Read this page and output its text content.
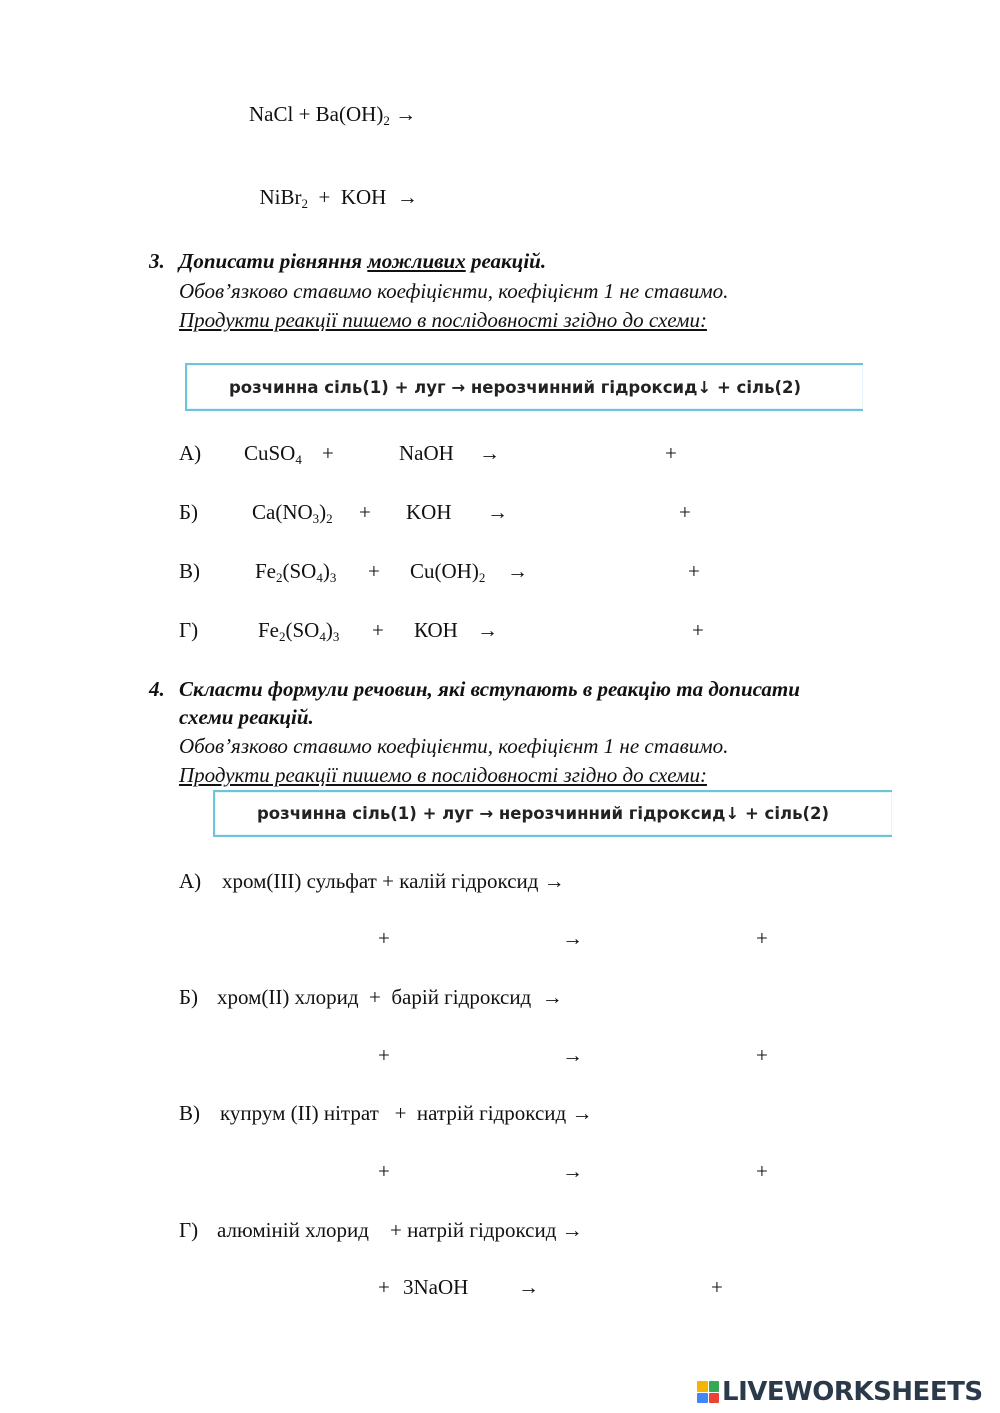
NaCl + $Ba(OH)_2$ →

NiBr$_2$  +  KOH  →

3. Дописати рівняння можливих реакцій.
Обов’язково ставимо коефіцієнти, коефіцієнт 1 не ставимо.
Продукти реакції пишемо в послідовності згідно до схеми:
розчинна сіль(1) + луг → нерозчинний гідроксид↓ + сіль(2)
А) CuSO$_4$ +	NaOH →	+
Б)	$Ca(NO_3)_2$ + KOH →	+
В)	$Fe_2(SO_4)_3 + Cu(OH)_2$ →	+
Г)	$Fe_2(SO_4)_3$ + КОН →	+
4. Скласти формули речовин, які вступають в реакцію та дописати
схеми реакцій.
Обов’язково ставимо коефіцієнти, коефіцієнт 1 не ставимо.
Продукти реакції пишемо в послідовності згідно до схеми:
розчинна сіль(1) + луг → нерозчинний гідроксид↓ + сіль(2)
А) хром(ІІІ) сульфат + калій гідроксид →
+	→	+
Б) хром(ІІ) хлорид  +  барій гідроксид  →
+	→	+
В) купрум (ІІ) нітрат   +  натрій гідроксид →
+	→	+
Г) алюміній хлорид    + натрій гідроксид →
+ 3NaOH →	+
LIVEWORKSHEETS
